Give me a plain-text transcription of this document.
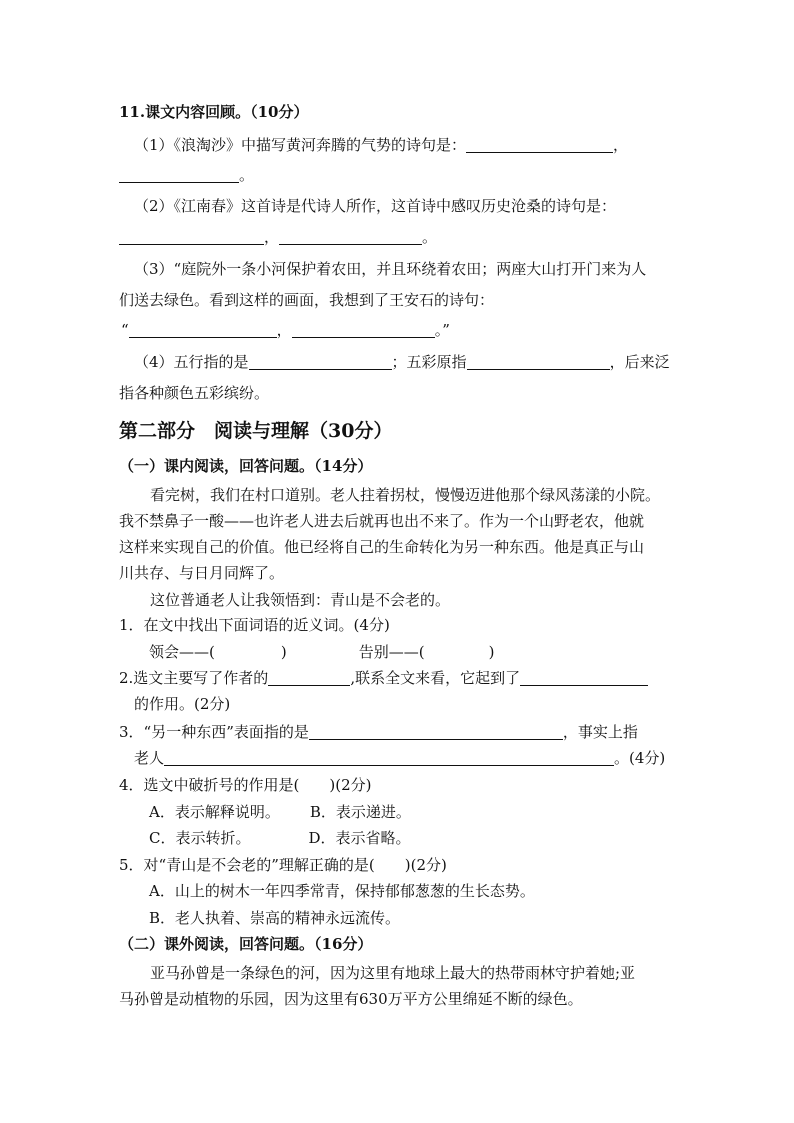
11.课文内容回顾。（10分）
（1）《浪淘沙》中描写黄河奔腾的气势的诗句是：	，
。
（2）《江南春》这首诗是代诗人所作，这首诗中感叹历史沧桑的诗句是：
，	。
（3）“庭院外一条小河保护着农田，并且环绕着农田；两座大山打开门来为人
们送去绿色。看到这样的画面，我想到了王安石的诗句：
“	，	。”
（4）五行指的是	；五彩原指	，后来泛
指各种颜色五彩缤纷。
第二部分　阅读与理解（30分）
（一）课内阅读，回答问题。（14分）
看完树，我们在村口道别。老人拄着拐杖，慢慢迈进他那个绿风荡漾的小院。
我不禁鼻子一酸——也许老人进去后就再也出不来了。作为一个山野老农，他就
这样来实现自己的价值。他已经将自己的生命转化为另一种东西。他是真正与山
川共存、与日月同辉了。
这位普通老人让我领悟到：青山是不会老的。
1．在文中找出下面词语的近义词。(4分)
领会——(	)	告别——(	)
2.选文主要写了作者的	,联系全文来看，它起到了
的作用。(2分)
3．“另一种东西”表面指的是	，事实上指
老人	。(4分)
4．选文中破折号的作用是(　　)(2分)
A．表示解释说明。 B．表示递进。
C．表示转折。	D．表示省略。
5．对“青山是不会老的”理解正确的是(　　)(2分)
A．山上的树木一年四季常青，保持郁郁葱葱的生长态势。
B．老人执着、崇高的精神永远流传。
（二）课外阅读，回答问题。（16分）
亚马孙曾是一条绿色的河，因为这里有地球上最大的热带雨林守护着她;亚
马孙曾是动植物的乐园，因为这里有630万平方公里绵延不断的绿色。
